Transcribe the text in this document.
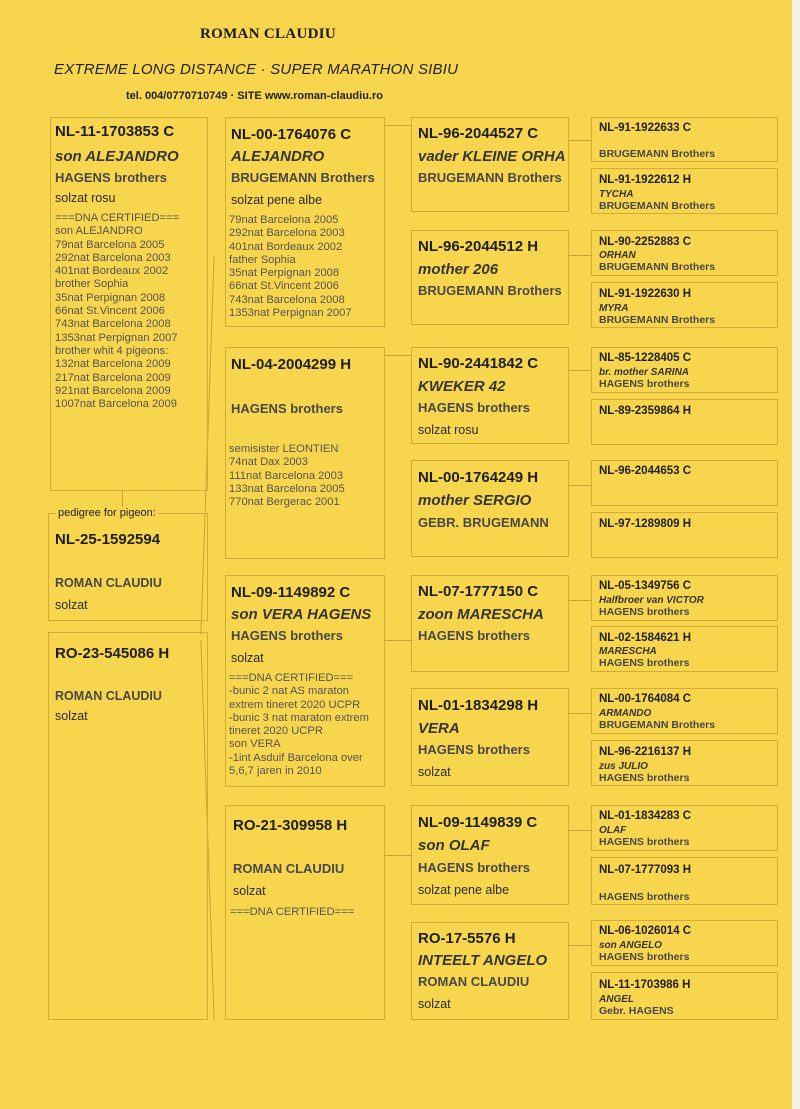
ROMAN CLAUDIU
EXTREME LONG DISTANCE · SUPER MARATHON SIBIU
tel. 004/0770710749 · SITE www.roman-claudiu.ro
NL-11-1703853 C
son ALEJANDRO
HAGENS brothers
solzat rosu
===DNA CERTIFIED===
son ALEJANDRO
79nat Barcelona 2005
292nat Barcelona 2003
401nat Bordeaux 2002
brother Sophia
35nat Perpignan 2008
66nat St.Vincent 2006
743nat Barcelona 2008
1353nat Perpignan 2007
brother whit 4 pigeons:
132nat Barcelona 2009
217nat Barcelona 2009
921nat Barcelona 2009
1007nat Barcelona 2009
NL-25-1592594
ROMAN CLAUDIU
solzat
pedigree for pigeon:
RO-23-545086 H
ROMAN CLAUDIU
solzat
NL-00-1764076 C
ALEJANDRO
BRUGEMANN Brothers
solzat pene albe
79nat Barcelona 2005
292nat Barcelona 2003
401nat Bordeaux 2002
father Sophia
35nat Perpignan 2008
66nat St.Vincent 2006
743nat Barcelona 2008
1353nat Perpignan 2007
NL-04-2004299 H
HAGENS brothers
semisister LEONTIEN
74nat Dax 2003
111nat Barcelona 2003
133nat Barcelona 2005
770nat Bergerac 2001
NL-09-1149892 C
son VERA HAGENS
HAGENS brothers
solzat
===DNA CERTIFIED===
-bunic 2 nat AS maraton
extrem tineret 2020 UCPR
-bunic 3 nat maraton extrem
tineret 2020 UCPR
son VERA
-1int Asduif Barcelona over
5,6,7 jaren in 2010
RO-21-309958 H
ROMAN CLAUDIU
solzat
===DNA CERTIFIED===
NL-96-2044527 C
vader KLEINE ORHA
BRUGEMANN Brothers
NL-96-2044512 H
mother 206
BRUGEMANN Brothers
NL-90-2441842 C
KWEKER 42
HAGENS brothers
solzat rosu
NL-00-1764249 H
mother SERGIO
GEBR. BRUGEMANN
NL-07-1777150 C
zoon MARESCHA
HAGENS brothers
NL-01-1834298 H
VERA
HAGENS brothers
solzat
NL-09-1149839 C
son OLAF
HAGENS brothers
solzat pene albe
RO-17-5576 H
INTEELT ANGELO
ROMAN CLAUDIU
solzat
NL-91-1922633 C
BRUGEMANN Brothers
NL-91-1922612 H
TYCHA
BRUGEMANN Brothers
NL-90-2252883 C
ORHAN
BRUGEMANN Brothers
NL-91-1922630 H
MYRA
BRUGEMANN Brothers
NL-85-1228405 C
br. mother SARINA
HAGENS brothers
NL-89-2359864 H
NL-96-2044653 C
NL-97-1289809 H
NL-05-1349756 C
Halfbroer van VICTOR
HAGENS brothers
NL-02-1584621 H
MARESCHA
HAGENS brothers
NL-00-1764084 C
ARMANDO
BRUGEMANN Brothers
NL-96-2216137 H
zus JULIO
HAGENS brothers
NL-01-1834283 C
OLAF
HAGENS brothers
NL-07-1777093 H
HAGENS brothers
NL-06-1026014 C
son ANGELO
HAGENS brothers
NL-11-1703986 H
ANGEL
Gebr. HAGENS
